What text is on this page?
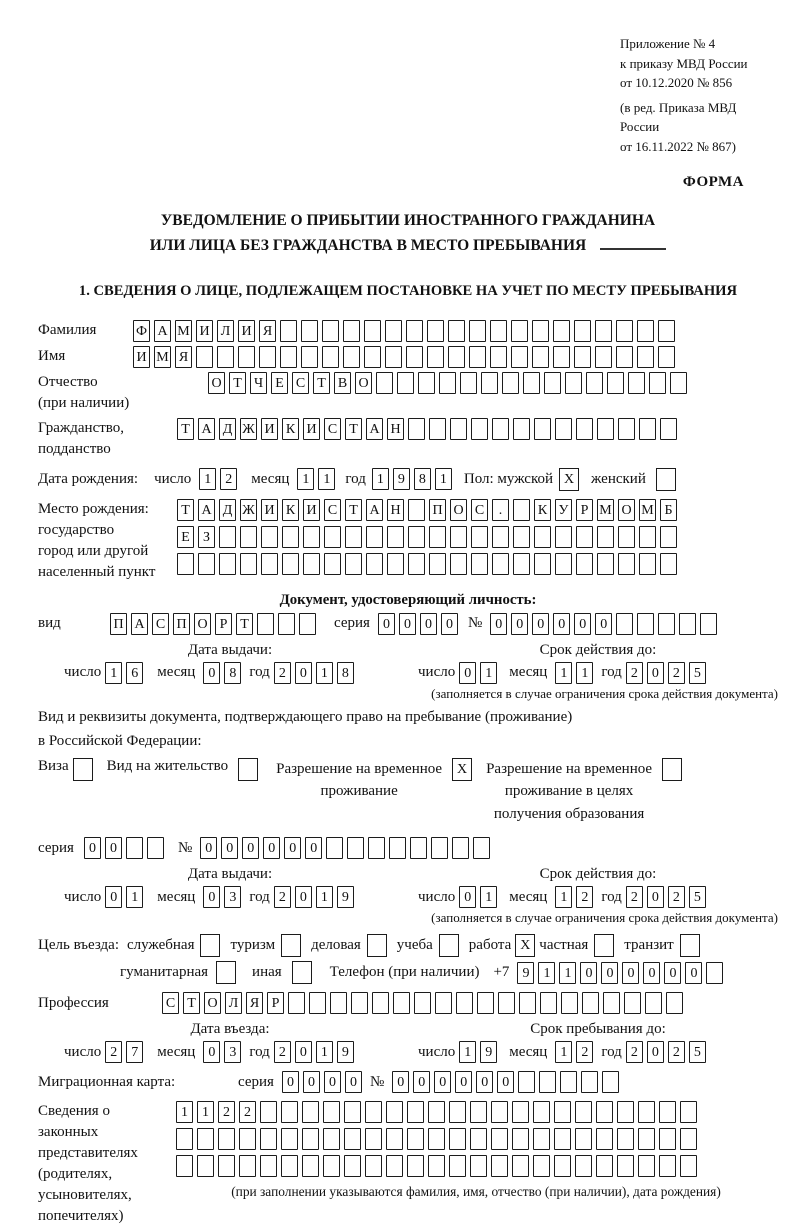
Приложение № 4
к приказу МВД России
от 10.12.2020 № 856
(в ред. Приказа МВД России
от 16.11.2022 № 867)
ФОРМА
УВЕДОМЛЕНИЕ О ПРИБЫТИИ ИНОСТРАННОГО ГРАЖДАНИНА
ИЛИ ЛИЦА БЕЗ ГРАЖДАНСТВА В МЕСТО ПРЕБЫВАНИЯ
1. СВЕДЕНИЯ О ЛИЦЕ, ПОДЛЕЖАЩЕМ ПОСТАНОВКЕ НА УЧЕТ ПО МЕСТУ ПРЕБЫВАНИЯ
Фамилия	Ф А М И Л И Я
Имя	И М Я
Отчество
(при наличии)
О Т Ч Е С Т В О
Гражданство,
подданство
Т А Д Ж И К И С Т А Н
Дата рождения: число 1	2	месяц 1	1	год 1	9	8	1	Пол: мужской X	женский
Место рождения:
государство
город или другой
населенный пункт
Т А Д Ж И К И С Т А Н П О С	.	К У Р М О М Б
Е З
Документ, удостоверяющий личность:
вид	П А С П О Р Т	серия 0	0	0	0	№ 0	0	0	0	0	0
Дата выдачи:
число 1	6	месяц 0	8 год 2	0	1	8
Срок действия до:
число 0	1	месяц 1	1 год 2	0	2	5
(заполняется в случае ограничения срока действия документа)
Вид и реквизиты документа, подтверждающего право на пребывание (проживание)
в Российской Федерации:
Виза	Вид на жительство	Разрешение на временное
проживание
X	Разрешение на временное
проживание в целях
получения образования
серия	0	0	№ 0	0	0	0	0	0
Дата выдачи:
число 0	1	месяц 0	3 год 2	0	1	9
Срок действия до:
число 0	1	месяц 1	2 год 2	0	2	5
(заполняется в случае ограничения срока действия документа)
Цель въезда: служебная туризм деловая учеба работа X частная транзит
гуманитарная	иная	Телефон (при наличии) +7 9	1	1	0	0	0	0	0	0
Профессия	С Т О Л Я Р
Дата въезда:
число 2	7	месяц 0	3 год 2	0	1	9
Срок пребывания до:
число 1	9	месяц 1	2 год 2	0	2	5
Миграционная карта:	серия 0	0	0	0 № 0	0	0	0	0	0
Сведения о
законных
представителях
(родителях,
усыновителях,
попечителях)
1	1	2	2
(при заполнении указываются фамилия, имя, отчество (при наличии), дата рождения)
